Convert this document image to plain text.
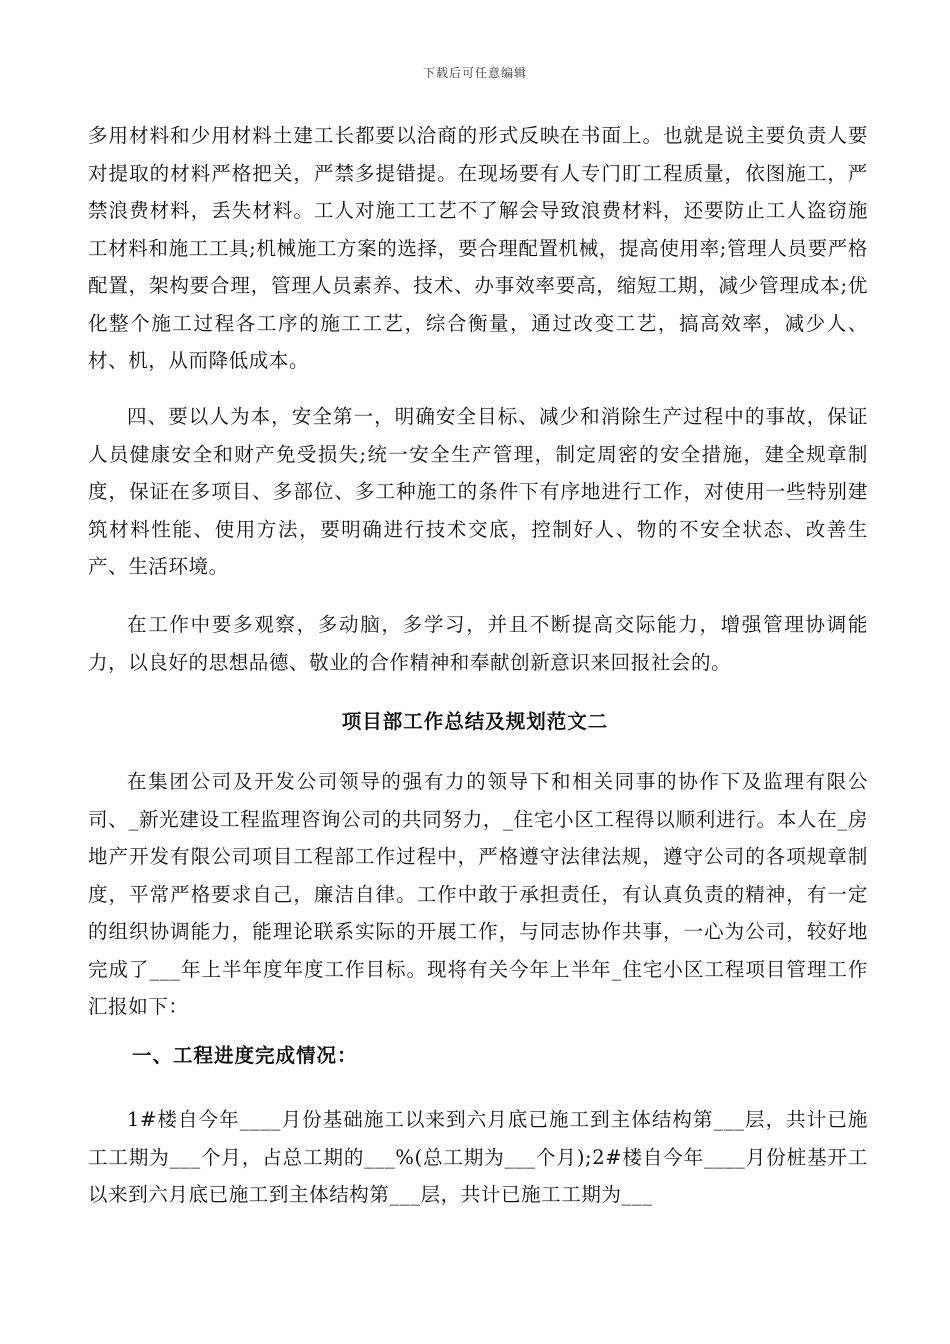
下载后可任意编辑
多用材料和少用材料土建工长都要以洽商的形式反映在书面上。也就是说主要负责人要对提取的材料严格把关，严禁多提错提。在现场要有人专门盯工程质量，依图施工，严禁浪费材料，丢失材料。工人对施工工艺不了解会导致浪费材料，还要防止工人盗窃施工材料和施工工具;机械施工方案的选择，要合理配置机械，提高使用率;管理人员要严格配置，架构要合理，管理人员素养、技术、办事效率要高，缩短工期，减少管理成本;优化整个施工过程各工序的施工工艺，综合衡量，通过改变工艺，搞高效率，减少人、材、机，从而降低成本。
四、要以人为本，安全第一，明确安全目标、减少和消除生产过程中的事故，保证人员健康安全和财产免受损失;统一安全生产管理，制定周密的安全措施，建全规章制度，保证在多项目、多部位、多工种施工的条件下有序地进行工作，对使用一些特别建筑材料性能、使用方法，要明确进行技术交底，控制好人、物的不安全状态、改善生产、生活环境。
在工作中要多观察，多动脑，多学习，并且不断提高交际能力，增强管理协调能力，以良好的思想品德、敬业的合作精神和奉献创新意识来回报社会的。
项目部工作总结及规划范文二
在集团公司及开发公司领导的强有力的领导下和相关同事的协作下及监理有限公司、_新光建设工程监理咨询公司的共同努力，_住宅小区工程得以顺利进行。本人在_房地产开发有限公司项目工程部工作过程中，严格遵守法律法规，遵守公司的各项规章制度，平常严格要求自己，廉洁自律。工作中敢于承担责任，有认真负责的精神，有一定的组织协调能力，能理论联系实际的开展工作，与同志协作共事，一心为公司，较好地完成了___年上半年度年度工作目标。现将有关今年上半年_住宅小区工程项目管理工作汇报如下：
一、工程进度完成情况：
1#楼自今年____月份基础施工以来到六月底已施工到主体结构第___层，共计已施工工期为___个月，占总工期的___%(总工期为___个月);2#楼自今年____月份桩基开工以来到六月底已施工到主体结构第___层，共计已施工工期为___
